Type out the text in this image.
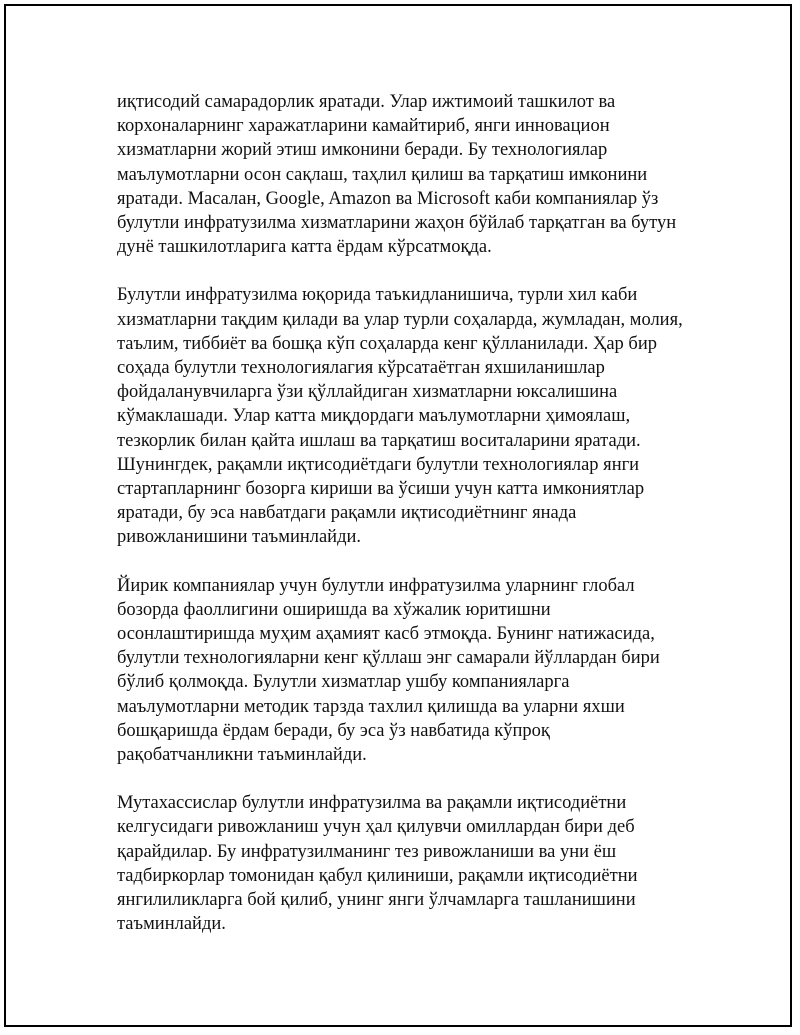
иқтисодий самарадорлик яратади. Улар ижтимоий ташкилот ва
корхоналарнинг харажатларини камайтириб, янги инновацион
хизматларни жорий этиш имконини беради. Бу технологиялар
маълумотларни осон сақлаш, таҳлил қилиш ва тарқатиш имконини
яратади. Масалан, Google, Amazon ва Microsoft каби компаниялар ўз
булутли инфратузилма хизматларини жаҳон бўйлаб тарқатган ва бутун
дунё ташкилотларига катта ёрдам кўрсатмоқда.

Булутли инфратузилма юқорида таъкидланишича, турли хил каби
хизматларни тақдим қилади ва улар турли соҳаларда, жумладан, молия,
таълим, тиббиёт ва бошқа кўп соҳаларда кенг қўлланилади. Ҳар бир
соҳада булутли технологиялагия кўрсатаётган яхшиланишлар
фойдаланувчиларга ўзи қўллайдиган хизматларни юксалишина
кўмаклашади. Улар катта миқдордаги маълумотларни ҳимоялаш,
тезкорлик билан қайта ишлаш ва тарқатиш воситаларини яратади.
Шунингдек, рақамли иқтисодиётдаги булутли технологиялар янги
стартапларнинг бозорга кириши ва ўсиши учун катта имкониятлар
яратади, бу эса навбатдаги рақамли иқтисодиётнинг янада
ривожланишини таъминлайди.

Йирик компаниялар учун булутли инфратузилма уларнинг глобал
бозорда фаоллигини оширишда ва хўжалик юритишни
осонлаштиришда муҳим аҳамият касб этмоқда. Бунинг натижасида,
булутли технологияларни кенг қўллаш энг самарали йўллардан бири
бўлиб қолмоқда. Булутли хизматлар ушбу компанияларга
маълумотларни методик тарзда тахлил қилишда ва уларни яхши
бошқаришда ёрдам беради, бу эса ўз навбатида кўпроқ
рақобатчанликни таъминлайди.

Мутахассислар булутли инфратузилма ва рақамли иқтисодиётни
келгусидаги ривожланиш учун ҳал қилувчи омиллардан бири деб
қарайдилар. Бу инфратузилманинг тез ривожланиши ва уни ёш
тадбиркорлар томонидан қабул қилиниши, рақамли иқтисодиётни
янгилиликларга бой қилиб, унинг янги ўлчамларга ташланишини
таъминлайди.
